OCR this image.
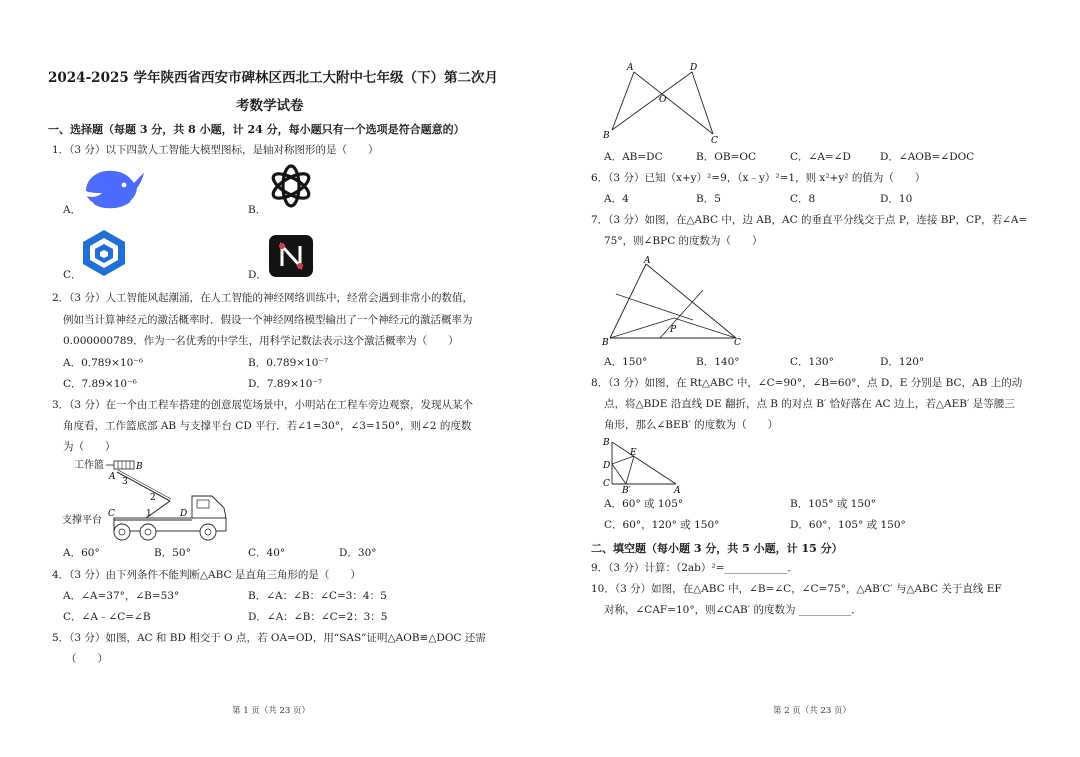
2024-2025 学年陕西省西安市碑林区西北工大附中七年级（下）第二次月
考数学试卷
一、选择题（每题 3 分，共 8 小题，计 24 分，每小题只有一个选项是符合题意的）
1．（3 分）以下四款人工智能大模型图标，是轴对称图形的是（　　）
A．	B．
C．	D．
2．（3 分）人工智能风起潮涌，在人工智能的神经网络训练中，经常会遇到非常小的数值，
例如当计算神经元的激活概率时．假设一个神经网络模型输出了一个神经元的激活概率为
0.000000789．作为一名优秀的中学生，用科学记数法表示这个激活概率为（　　）
A．0.789×10⁻⁶	B．0.789×10⁻⁷
C．7.89×10⁻⁶	D．7.89×10⁻⁷
3．（3 分）在一个由工程车搭建的创意展览场景中，小明站在工程车旁边观察，发现从某个
角度看，工作篮底部 AB 与支撑平台 CD 平行．若∠1=30°，∠3=150°，则∠2 的度数
为（　　）
工作篮	B
A 3
2
1
C	D
支撑平台
A．60°	B．50°	C．40°	D．30°
4．（3 分）由下列条件不能判断△ABC 是直角三角形的是（　　）
A．∠A=37°，∠B=53°	B．∠A：∠B：∠C=3：4：5
C．∠A﹣∠C=∠B	D．∠A：∠B：∠C=2：3：5
5．（3 分）如图，AC 和 BD 相交于 O 点，若 OA=OD，用“SAS”证明△AOB≌△DOC 还需
（　　）
第 1 页（共 23 页）
A	D
O
B	C
A．AB=DC	B．OB=OC	C．∠A=∠D	D．∠AOB=∠DOC
6．（3 分）已知（x+y）²=9，（x﹣y）²=1，则 x²+y² 的值为（　　）
A．4	B．5	C．8	D．10
7．（3 分）如图，在△ABC 中，边 AB，AC 的垂直平分线交于点 P，连接 BP，CP，若∠A=
75°，则∠BPC 的度数为（　　）
A
B	C
P
A．150°	B．140°	C．130°	D．120°
8．（3 分）如图，在 Rt△ABC 中，∠C=90°，∠B=60°，点 D，E 分别是 BC，AB 上的动
点，将△BDE 沿直线 DE 翻折，点 B 的对点 B′ 恰好落在 AC 边上，若△AEB′ 是等腰三
角形，那么∠BEB′ 的度数为（　　）
B
D
E
C
B′	A
A．60° 或 105°	B．105° 或 150°
C．60°，120° 或 150°	D．60°，105° 或 150°
二、填空题（每小题 3 分，共 5 小题，计 15 分）
9．（3 分）计算：（2ab）²=____________．
10．（3 分）如图，在△ABC 中，∠B=∠C，∠C=75°，△AB′C′ 与△ABC 关于直线 EF
对称，∠CAF=10°，则∠CAB′ 的度数为 __________．
第 2 页（共 23 页）
